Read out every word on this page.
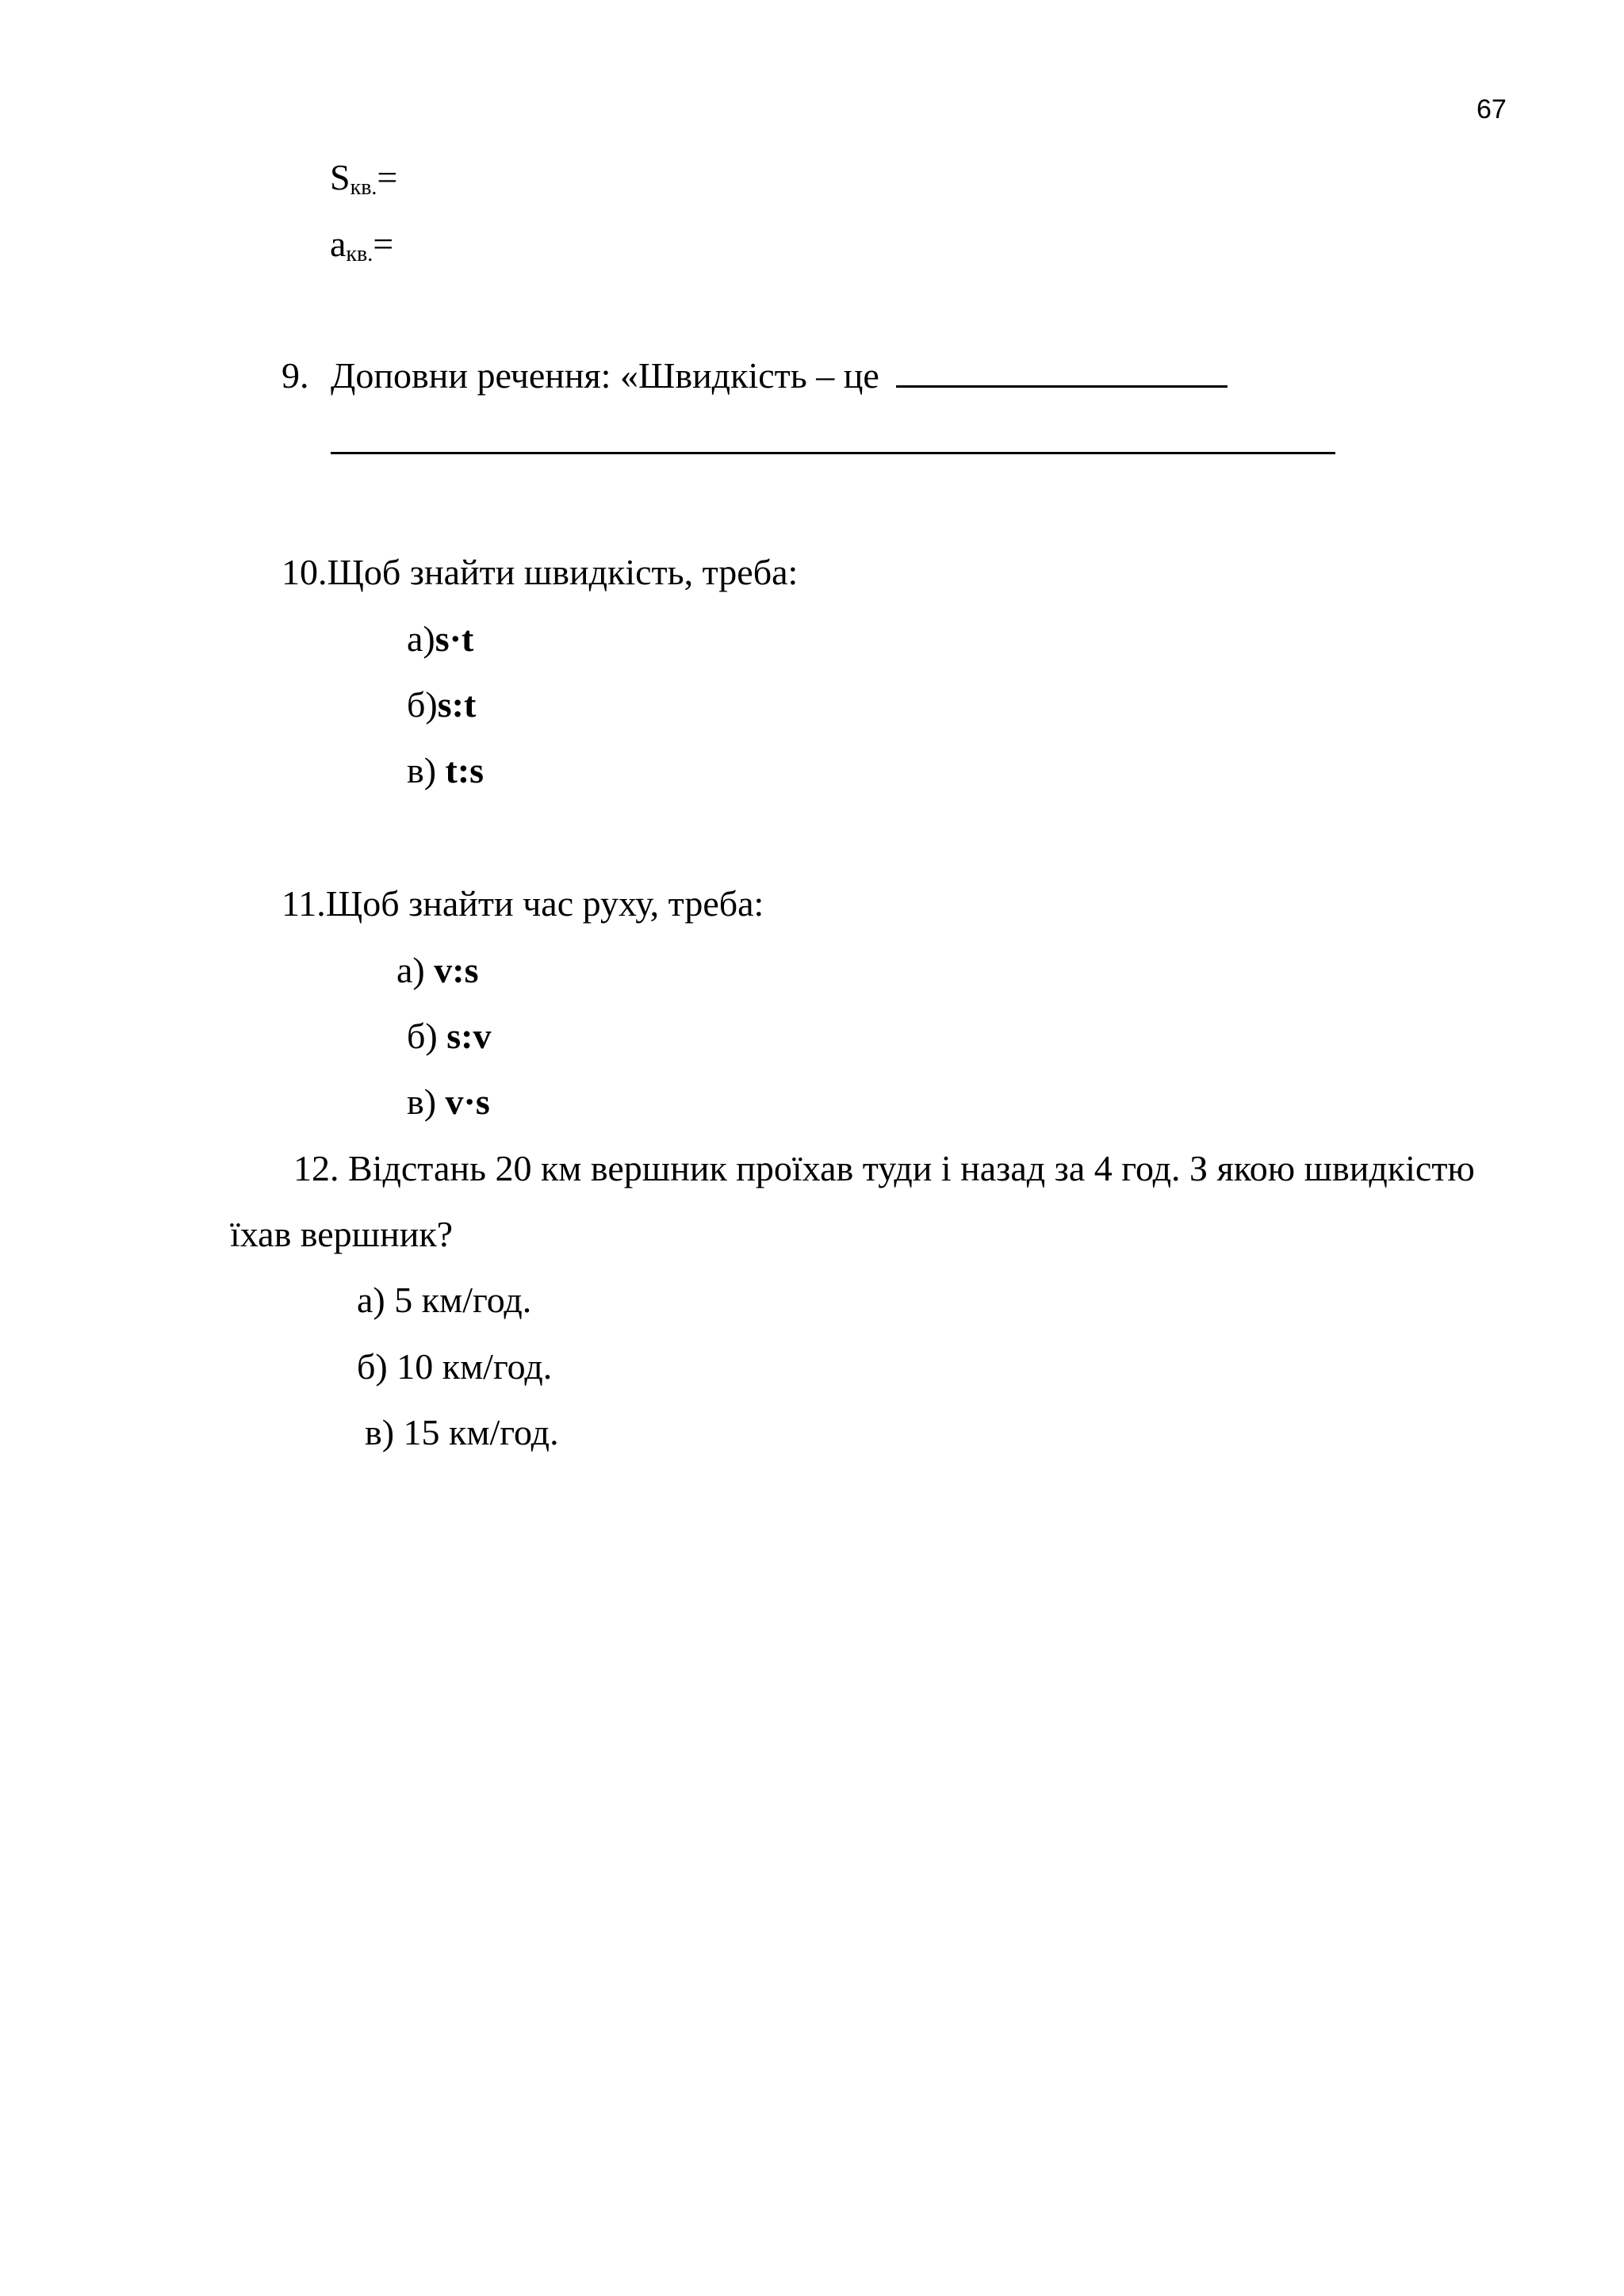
67
$S_{кв.}=$
$а_{кв.}=$
9. Доповни речення: «Швидкість – це
10.Щоб знайти швидкість, треба:
а)s·t
б)s:t
в) t:s
11.Щоб знайти час руху, треба:
а) v:s
б) s:v
в) v·s
12. Відстань 20 км вершник проїхав туди і назад за 4 год. З якою швидкістю
їхав вершник?
а) 5 км/год.
б) 10 км/год.
в) 15 км/год.
